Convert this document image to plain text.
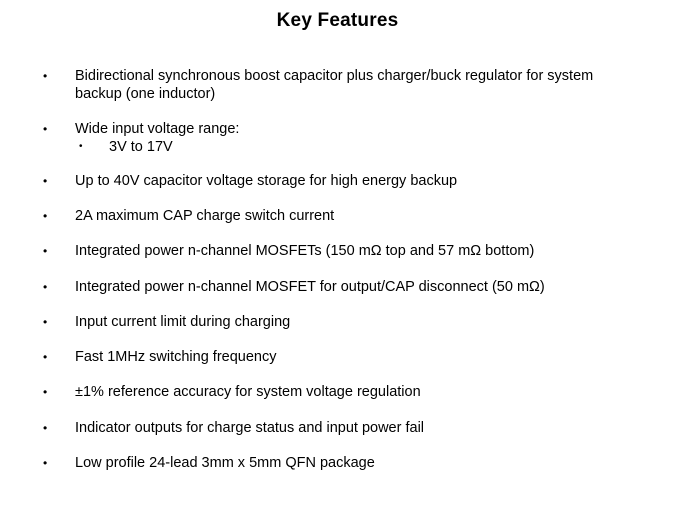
Key Features
• Bidirectional synchronous boost capacitor plus charger/buck regulator for system backup (one inductor)
• Wide input voltage range:
• 3V to 17V
• Up to 40V capacitor voltage storage for high energy backup
• 2A maximum CAP charge switch current
• Integrated power n-channel MOSFETs (150 mΩ top and 57 mΩ bottom)
• Integrated power n-channel MOSFET for output/CAP disconnect (50 mΩ)
• Input current limit during charging
• Fast 1MHz switching frequency
• ±1% reference accuracy for system voltage regulation
• Indicator outputs for charge status and input power fail
• Low profile 24-lead 3mm x 5mm QFN package
